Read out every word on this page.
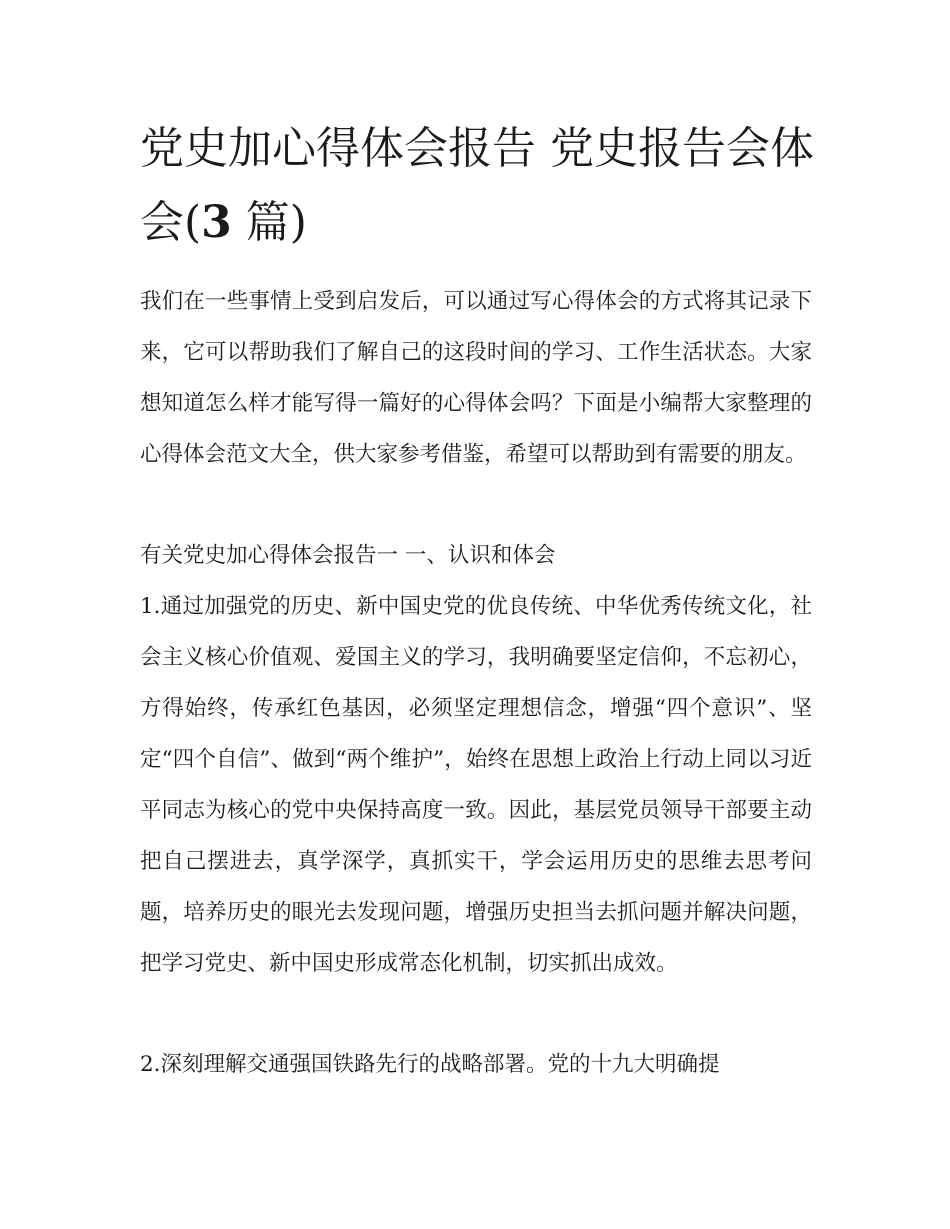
党史加心得体会报告 党史报告会体会(3 篇)

我们在一些事情上受到启发后，可以通过写心得体会的方式将其记录下来，它可以帮助我们了解自己的这段时间的学习、工作生活状态。大家想知道怎么样才能写得一篇好的心得体会吗？下面是小编帮大家整理的心得体会范文大全，供大家参考借鉴，希望可以帮助到有需要的朋友。

有关党史加心得体会报告一 一、认识和体会

1.通过加强党的历史、新中国史党的优良传统、中华优秀传统文化，社会主义核心价值观、爱国主义的学习，我明确要坚定信仰，不忘初心，方得始终，传承红色基因，必须坚定理想信念，增强“四个意识”、坚定“四个自信”、做到“两个维护”，始终在思想上政治上行动上同以习近平同志为核心的党中央保持高度一致。因此，基层党员领导干部要主动把自己摆进去，真学深学，真抓实干，学会运用历史的思维去思考问题，培养历史的眼光去发现问题，增强历史担当去抓问题并解决问题，把学习党史、新中国史形成常态化机制，切实抓出成效。

2.深刻理解交通强国铁路先行的战略部署。党的十九大明确提
